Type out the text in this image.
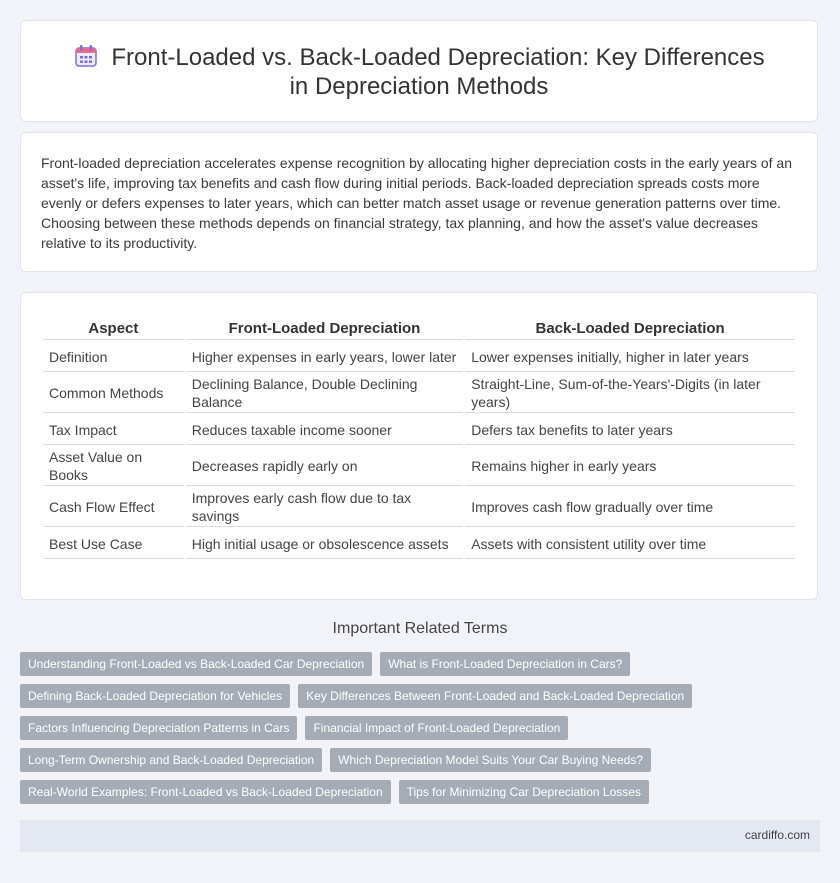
Front-Loaded vs. Back-Loaded Depreciation: Key Differences in Depreciation Methods

Front-loaded depreciation accelerates expense recognition by allocating higher depreciation costs in the early years of an asset's life, improving tax benefits and cash flow during initial periods. Back-loaded depreciation spreads costs more evenly or defers expenses to later years, which can better match asset usage or revenue generation patterns over time. Choosing between these methods depends on financial strategy, tax planning, and how the asset's value decreases relative to its productivity.

Aspect	Front-Loaded Depreciation	Back-Loaded Depreciation
Definition	Higher expenses in early years, lower later	Lower expenses initially, higher in later years
Common Methods	Declining Balance, Double Declining Balance	Straight-Line, Sum-of-the-Years'-Digits (in later years)
Tax Impact	Reduces taxable income sooner	Defers tax benefits to later years
Asset Value on Books	Decreases rapidly early on	Remains higher in early years
Cash Flow Effect	Improves early cash flow due to tax savings	Improves cash flow gradually over time
Best Use Case	High initial usage or obsolescence assets	Assets with consistent utility over time
Important Related Terms
Understanding Front-Loaded vs Back-Loaded Car Depreciation	What is Front-Loaded Depreciation in Cars?
Defining Back-Loaded Depreciation for Vehicles	Key Differences Between Front-Loaded and Back-Loaded Depreciation
Factors Influencing Depreciation Patterns in Cars	Financial Impact of Front-Loaded Depreciation
Long-Term Ownership and Back-Loaded Depreciation	Which Depreciation Model Suits Your Car Buying Needs?
Real-World Examples: Front-Loaded vs Back-Loaded Depreciation	Tips for Minimizing Car Depreciation Losses
cardiffo.com
